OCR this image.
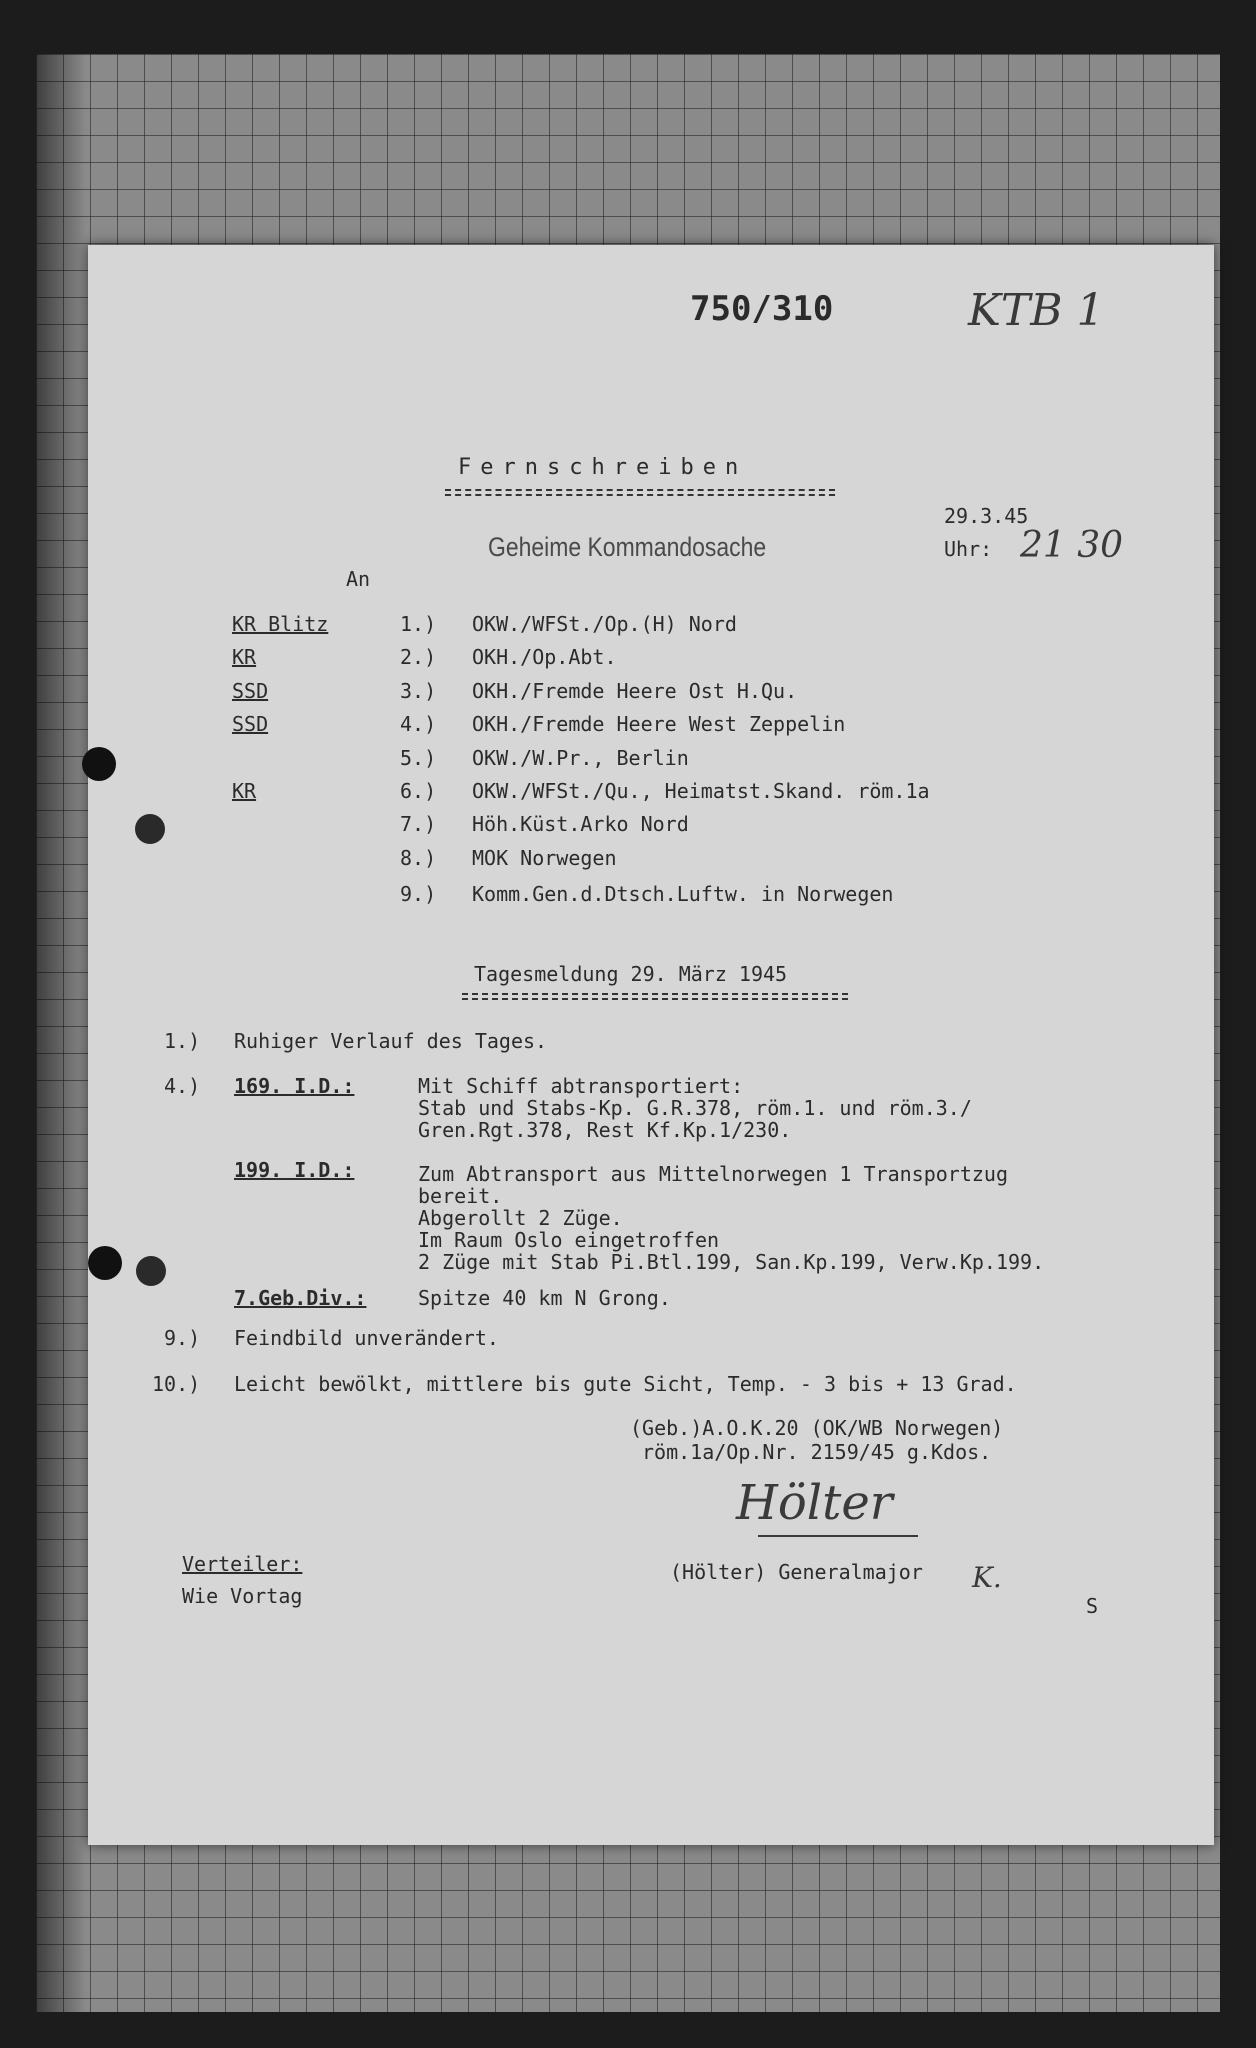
750/310	KTB 1
Fernschreiben
29.3.45
Geheime Kommandosache	Uhr: 21 30
An
KR Blitz	1.) OKW./WFSt./Op.(H) Nord
KR	2.) OKH./Op.Abt.
SSD	3.) OKH./Fremde Heere Ost H.Qu.
SSD	4.) OKH./Fremde Heere West Zeppelin
5.) OKW./W.Pr., Berlin
KR	6.) OKW./WFSt./Qu., Heimatst.Skand. röm.1a
7.) Höh.Küst.Arko Nord
8.) MOK Norwegen
9.) Komm.Gen.d.Dtsch.Luftw. in Norwegen
Tagesmeldung 29. März 1945
1.) Ruhiger Verlauf des Tages.
4.) 169. I.D.:	Mit Schiff abtransportiert:
Stab und Stabs-Kp. G.R.378, röm.1. und röm.3./
Gren.Rgt.378, Rest Kf.Kp.1/230.
199. I.D.:	Zum Abtransport aus Mittelnorwegen 1 Transportzug
bereit.
Abgerollt 2 Züge.
Im Raum Oslo eingetroffen
2 Züge mit Stab Pi.Btl.199, San.Kp.199, Verw.Kp.199.
7.Geb.Div.:	Spitze 40 km N Grong.
9.) Feindbild unverändert.
10.) Leicht bewölkt, mittlere bis gute Sicht, Temp. - 3 bis + 13 Grad.
(Geb.)A.O.K.20 (OK/WB Norwegen)
röm.1a/Op.Nr. 2159/45 g.Kdos.
Hölter
(Hölter) Generalmajor K.
Verteiler:
Wie Vortag	S
